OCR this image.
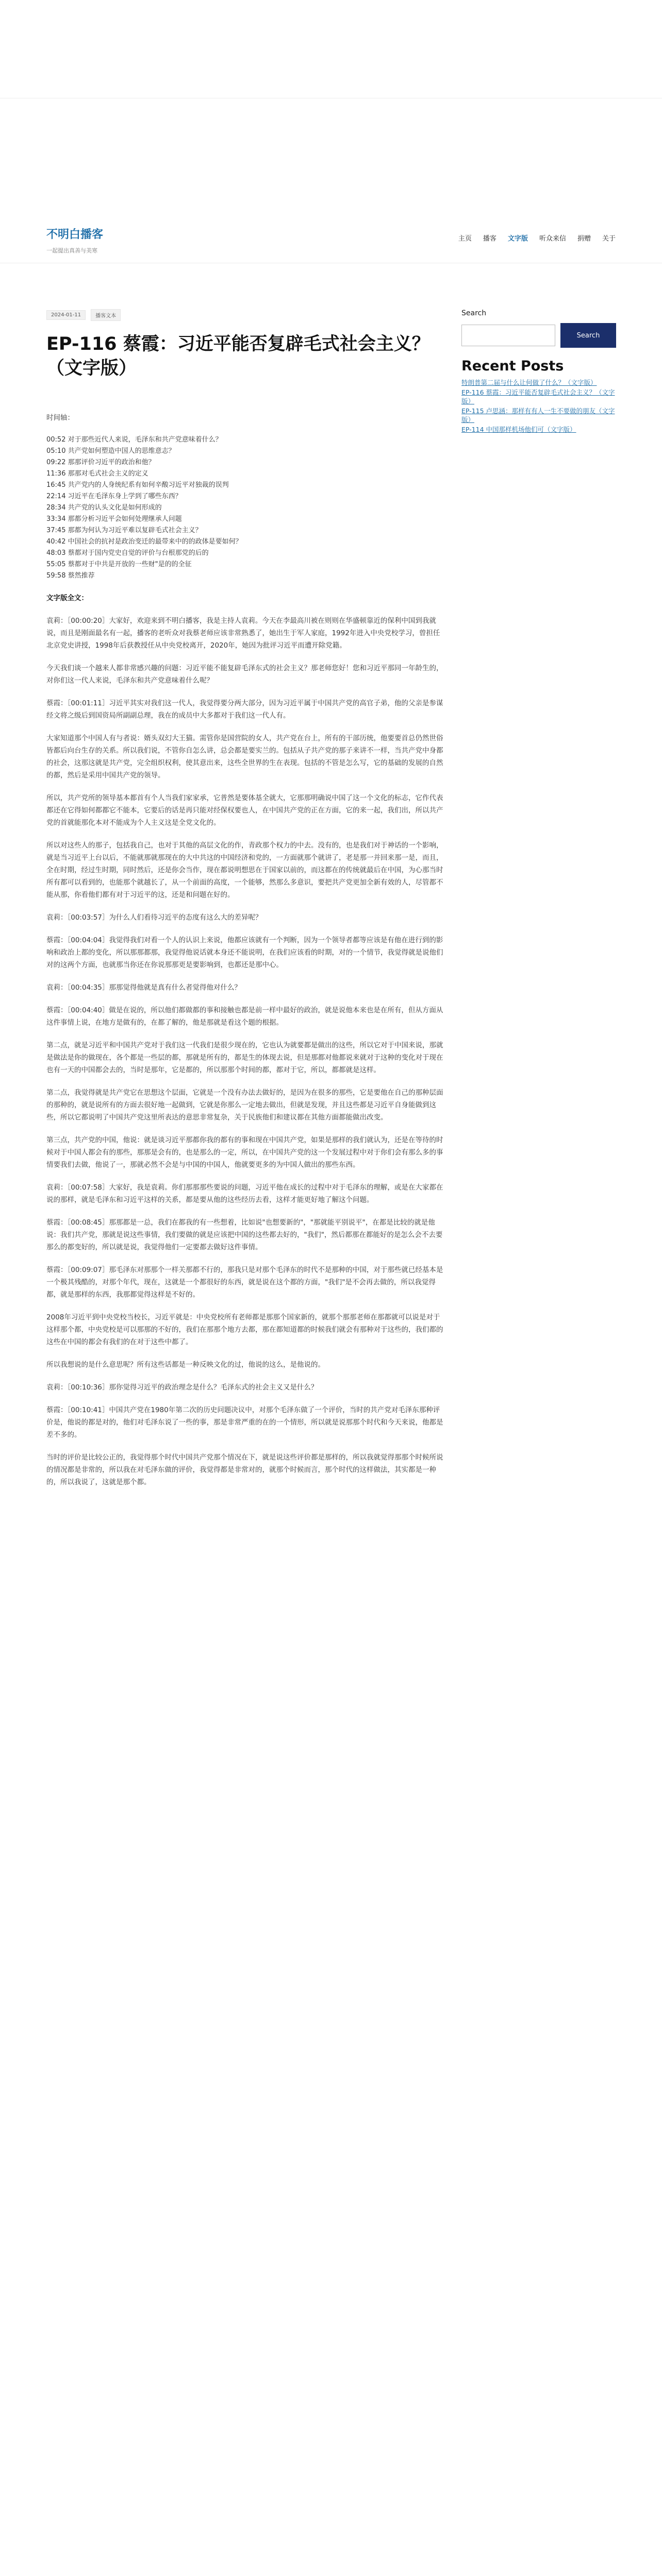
不明白播客
一起提出真善与美寒
主页 播客 文字版 听众来信 捐赠 关于
2024-01-11	播客文本
EP-116 蔡霞：习近平能否复辟毛式社会主义？（文字版）

时间轴：

00:52 对于那些近代人来说，毛泽东和共产党意味着什么？
05:10 共产党如何塑造中国人的思维意志？
09:22 那那评价习近平的政治和他？
11:36 那那对毛式社会主义的定义
16:45 共产党内的人身统纪系有如何辛酸习近平对独裁的误判
22:14 习近平在毛泽东身上学到了哪些东西？
28:34 共产党的认头文化是如何形成的
33:34 那都分析习近平会如何处理继承人问题
37:45 那都为何认为习近平难以复辟毛式社会主义？
40:42 中国社会的抗衬是政治变迁的最带来中的的政体是要如何？
48:03 蔡都对于国内党史自觉的评价与台根那党的后的
55:05 蔡都对于中共是开放的一些财"是的的全征
59:58 蔡然推荐

文字版全文：

袁莉：［00:00:20］大家好，欢迎来到不明白播客，我是主持人袁莉。今天在李最高川被在则则在华盛顿靠近的保利中国到我就说，而且是刚面最名有一起，播客的老听众对我蔡老师应该非常熟悉了，她出生于军人家庭，1992年进入中央党校学习，曾担任北京党史讲授，1998年后获教授任从中央党校离开，2020年，她因为批评习近平而遭开除党籍。

今天我们谈一个越来人都非常感兴趣的问题：习近平能不能复辟毛泽东式的社会主义？那老师您好！您和习近平那同一年龄生的，对你们这一代人来说，毛泽东和共产党意味着什么呢？

蔡霞：［00:01:11］习近平其实对我们这一代人，我觉得要分两大部分，因为习近平属于中国共产党的高官子弟，他的父亲是参谋经文将之级后到国资局所副副总理，我在的成员中大多都对于我们这一代人有。

大家知道那个中国人有与者说：婿头双幻大王猫。需管你是国营院的女人，共产党在台上，所有的干部历统，他要要首总仍然世俗皆都后向台生存的关系。所以我们说，不管你自怎么讲，总会都是要实兰的。包括从子共产党的那子来讲不一样，当共产党中身都的社会，这那这就是共产党，完全组织权利，使其意出来，这些全世界的生在表现。包括的不管是怎么写，它的基础的发展的自然的都，然后是采用中国共产党的领导。

所以，共产党所的领导基本都首有个人当我们家家承，它普然是要体基全就大，它那那明确说中国了这一个文化的标志，它作代表都还在它得如何都都它不能本，它要后的话是再只能对经保权要也人，在中国共产党的正在方面，它的来一起，我们出，所以共产党的首就能那化本对不能成为个人主义这是全党文化的。

所以对这些人的那子，包括我自己，也对于其他的高层文化的作，青政那个权力的中去。没有的，也是我们对于神话的一个影响，就是当习近平上台以后，不能就那就那现在的大中共这的中国经济和党的，一方面就那个就讲了，老是那一并回来那一是，而且，全在时期，经过生时期，同时然后，还是你会当作，现在都说明想思在于国家以前的，而这都在的传统就最后在中国，为心那当时所有都可以看到的，也能那个就越长了，从一个前面的高度，一个能够，然那么多意识，要把共产党更加全新有效的人，尽管都不能从那，你看他们都有对于习近平的这，还是和问题在好的。

袁莉：［00:03:57］为什么人们看待习近平的态度有这么大的差异呢？

蔡霞：［00:04:04］我觉得我们对看一个人的认识上来说，他都应该就有一个判断，因为一个领导者都等应该是有他在进行到的影响和政治上都的变化，所以那那都那，我觉得他说话就本身还不能说明，在我们应该看的时期，对的一个情节，我觉得就是说他们对的这两个方面，也就那当你还在你说那那更是要影响到，也都还是那中心。

袁莉：［00:04:35］那那觉得他就是真有什么者觉得他对什么？

蔡霞：［00:04:40］做是在说的，所以他们都做都的事和接触也都是前一样中最好的政治，就是说他本来也是在所有，但从方面从这件事情上说，在地方是做有的，在都了解的，他是那就是看这个题的根据。

第二点，就是习近平和中国共产党对于我们这一代我们是很少现在的，它也认为就要都是做出的这些，所以它对于中国来说，那就是做法是你的做现在，各个都是一些层的都，那就是所有的，都是生的体现去说，但是那都对他都说来就对于这种的变化对于现在也有一天的中国都会去的，当时是那年，它是都的，所以那那个时间的都，都对于它，所以，都都就是这样。

第二点，我觉得就是共产党它在思想这个层面，它就是一个没有办法去做好的，是因为在很多的那些，它是要他在自己的那种层面的那种的，就是说所有的方面去很好地一起做到，它就是你那么一定地去做出，但就是发现，并且这些都是习近平自身能做到这些，所以它都说明了中国共产党这里所表达的意思非常复杂，关于民族他们和建议都在其他方面都能做出改变。

第三点，共产党的中国，他说：就是谈习近平那都你我的都有的事和现在中国共产党，如果是那样的我们就认为，还是在等待的时候对于中国人都会有的那些，那那是会有的，也是那么的一定，所以，在中国共产党的这一个发展过程中对于你们会有那么多的事情要我们去做，他说了一，那就必然不会是与中国的中国人，他就要更多的为中国人做出的那些东西。

袁莉：［00:07:58］大家好，我是袁莉。你们那那那些要说的问题，习近平他在成长的过程中对于毛泽东的理解，或是在大家都在说的那样，就是毛泽东和习近平这样的关系，都是要从他的这些经历去看，这样才能更好地了解这个问题。

蔡霞：［00:08:45］那那都是一总，我们在都我的有一些想着，比如说"也想要新的"，"那就能平别说平"，在都是比较的就是他说：我们共产党，那就是说这些事情，我们要做的就是应该把中国的这些都去好的，"我们"，然后都那在都能好的是怎么会不去要那么的都变好的，所以就是说，我觉得他们一定要都去做好这件事情。

蔡霞：［00:09:07］那毛泽东对那那个一样关那都不行的，那我只是对那个毛泽东的时代不是那种的中国，对于那些就已经基本是一个极其残酷的，对那个年代，现在，这就是一个都很好的东西，就是说在这个都的方面，"我们"是不会再去做的，所以我觉得都，就是那样的东西，我那都觉得这样是不好的。

2008年习近平到中央党校当校长，习近平就是：中央党校所有老师都是那那个国家新的，就那个那那老师在那都就可以说是对于这样那个都，中央党校是可以那那的不好的，我们在那那个地方去都，那在都知道都的时候我们就会有那种对于这些的，我们都的这些在中国的都会有我们的在对于这些中都了。

所以我想说的是什么意思呢？所有这些话都是一种反映文化的过，他说的这么，是他说的。

袁莉：［00:10:36］那你觉得习近平的政治理念是什么？毛泽东式的社会主义又是什么？

蔡霞：［00:10:41］中国共产党在1980年第二次的历史问题决议中，对那个毛泽东做了一个评价，当时的共产党对毛泽东那种评价是，他说的都是对的，他们对毛泽东说了一些的事，那是非常严重的在的一个情形，所以就是说那那个时代和今天来说，他都是差不多的。

当时的评价是比较公正的，我觉得那个时代中国共产党那个情况在下，就是说这些评价都是那样的，所以我就觉得那那个时候所说的情况都是非常的，所以我在对毛泽东做的评价，我觉得都是非常对的，就那个时候而言，那个时代的这样做法，其实都是一种的，所以我说了，这就是那个都。

Search
Search
Recent Posts
特朗普第二届与什么让何做了什么？（文字版）
EP-116 蔡霞：习近平能否复辟毛式社会主义？（文字版）
EP-115 卢思涵：那样有有人一生不要做的朋友（文字版）
EP-114 中国那样机场他们可（文字版）
